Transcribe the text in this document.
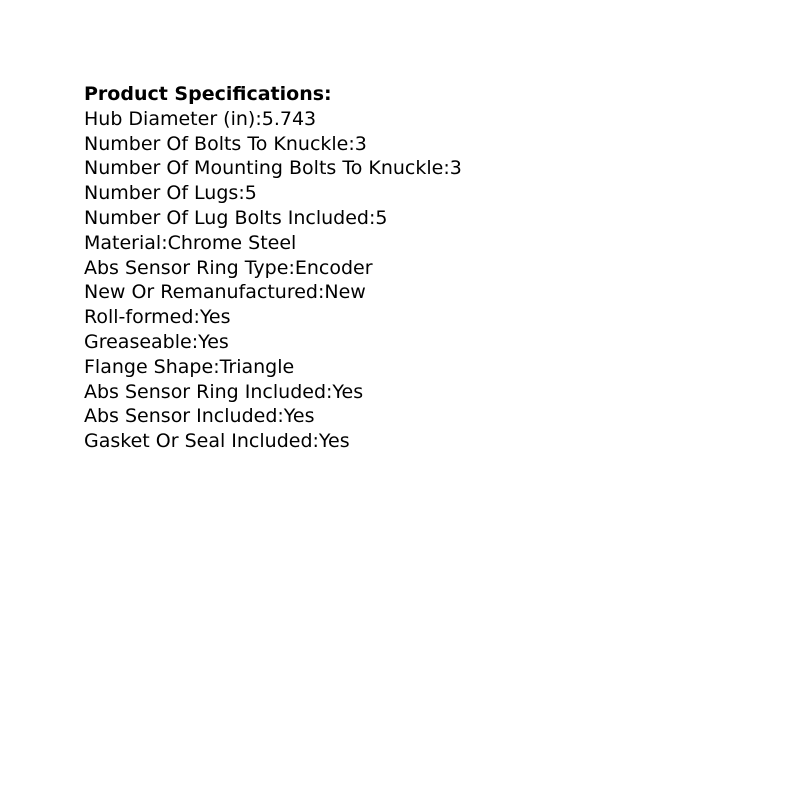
Product Specifications:
Hub Diameter (in):5.743
Number Of Bolts To Knuckle:3
Number Of Mounting Bolts To Knuckle:3
Number Of Lugs:5
Number Of Lug Bolts Included:5
Material:Chrome Steel
Abs Sensor Ring Type:Encoder
New Or Remanufactured:New
Roll-formed:Yes
Greaseable:Yes
Flange Shape:Triangle
Abs Sensor Ring Included:Yes
Abs Sensor Included:Yes
Gasket Or Seal Included:Yes
